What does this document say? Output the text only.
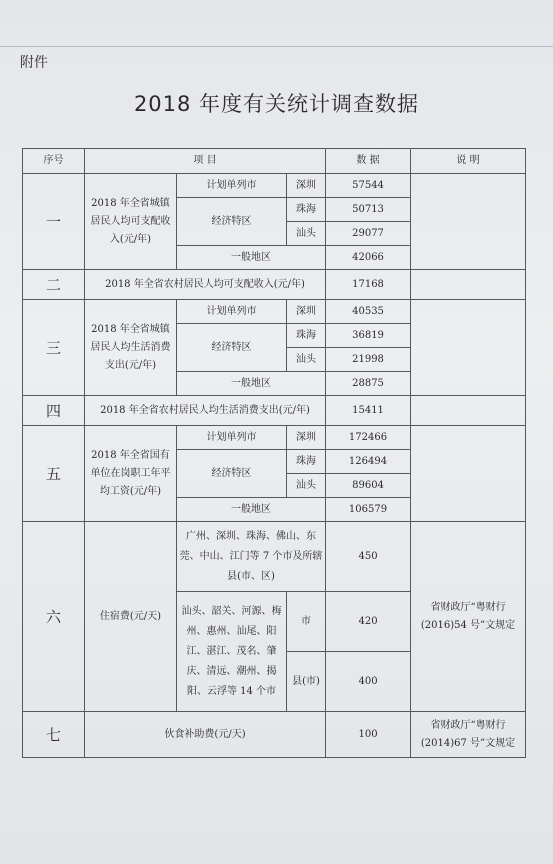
附件
2018 年度有关统计调查数据
序号	项 目			数 据	说 明
一	2018 年全省城镇居民人均可支配收入(元/年)	计划单列市	深圳	57544	
		经济特区	珠海	50713	
			汕头	29077	
		一般地区		42066	
二	2018 年全省农村居民人均可支配收入(元/年)			17168	
三	2018 年全省城镇居民人均生活消费支出(元/年)	计划单列市	深圳	40535	
		经济特区	珠海	36819	
			汕头	21998	
		一般地区		28875	
四	2018 年全省农村居民人均生活消费支出(元/年)			15411	
五	2018 年全省国有单位在岗职工年平均工资(元/年)	计划单列市	深圳	172466	
		经济特区	珠海	126494	
			汕头	89604	
		一般地区		106579	
六	住宿费(元/天)	广州、深圳、珠海、佛山、东莞、中山、江门等 7 个市及所辖县(市、区)		450	省财政厅“粤财行(2016)54 号”文规定
		汕头、韶关、河源、梅州、惠州、汕尾、阳江、湛江、茂名、肇庆、清远、潮州、揭阳、云浮等 14 个市	市	420	
			县(市)	400	
七	伙食补助费(元/天)			100	省财政厅“粤财行(2014)67 号”文规定
